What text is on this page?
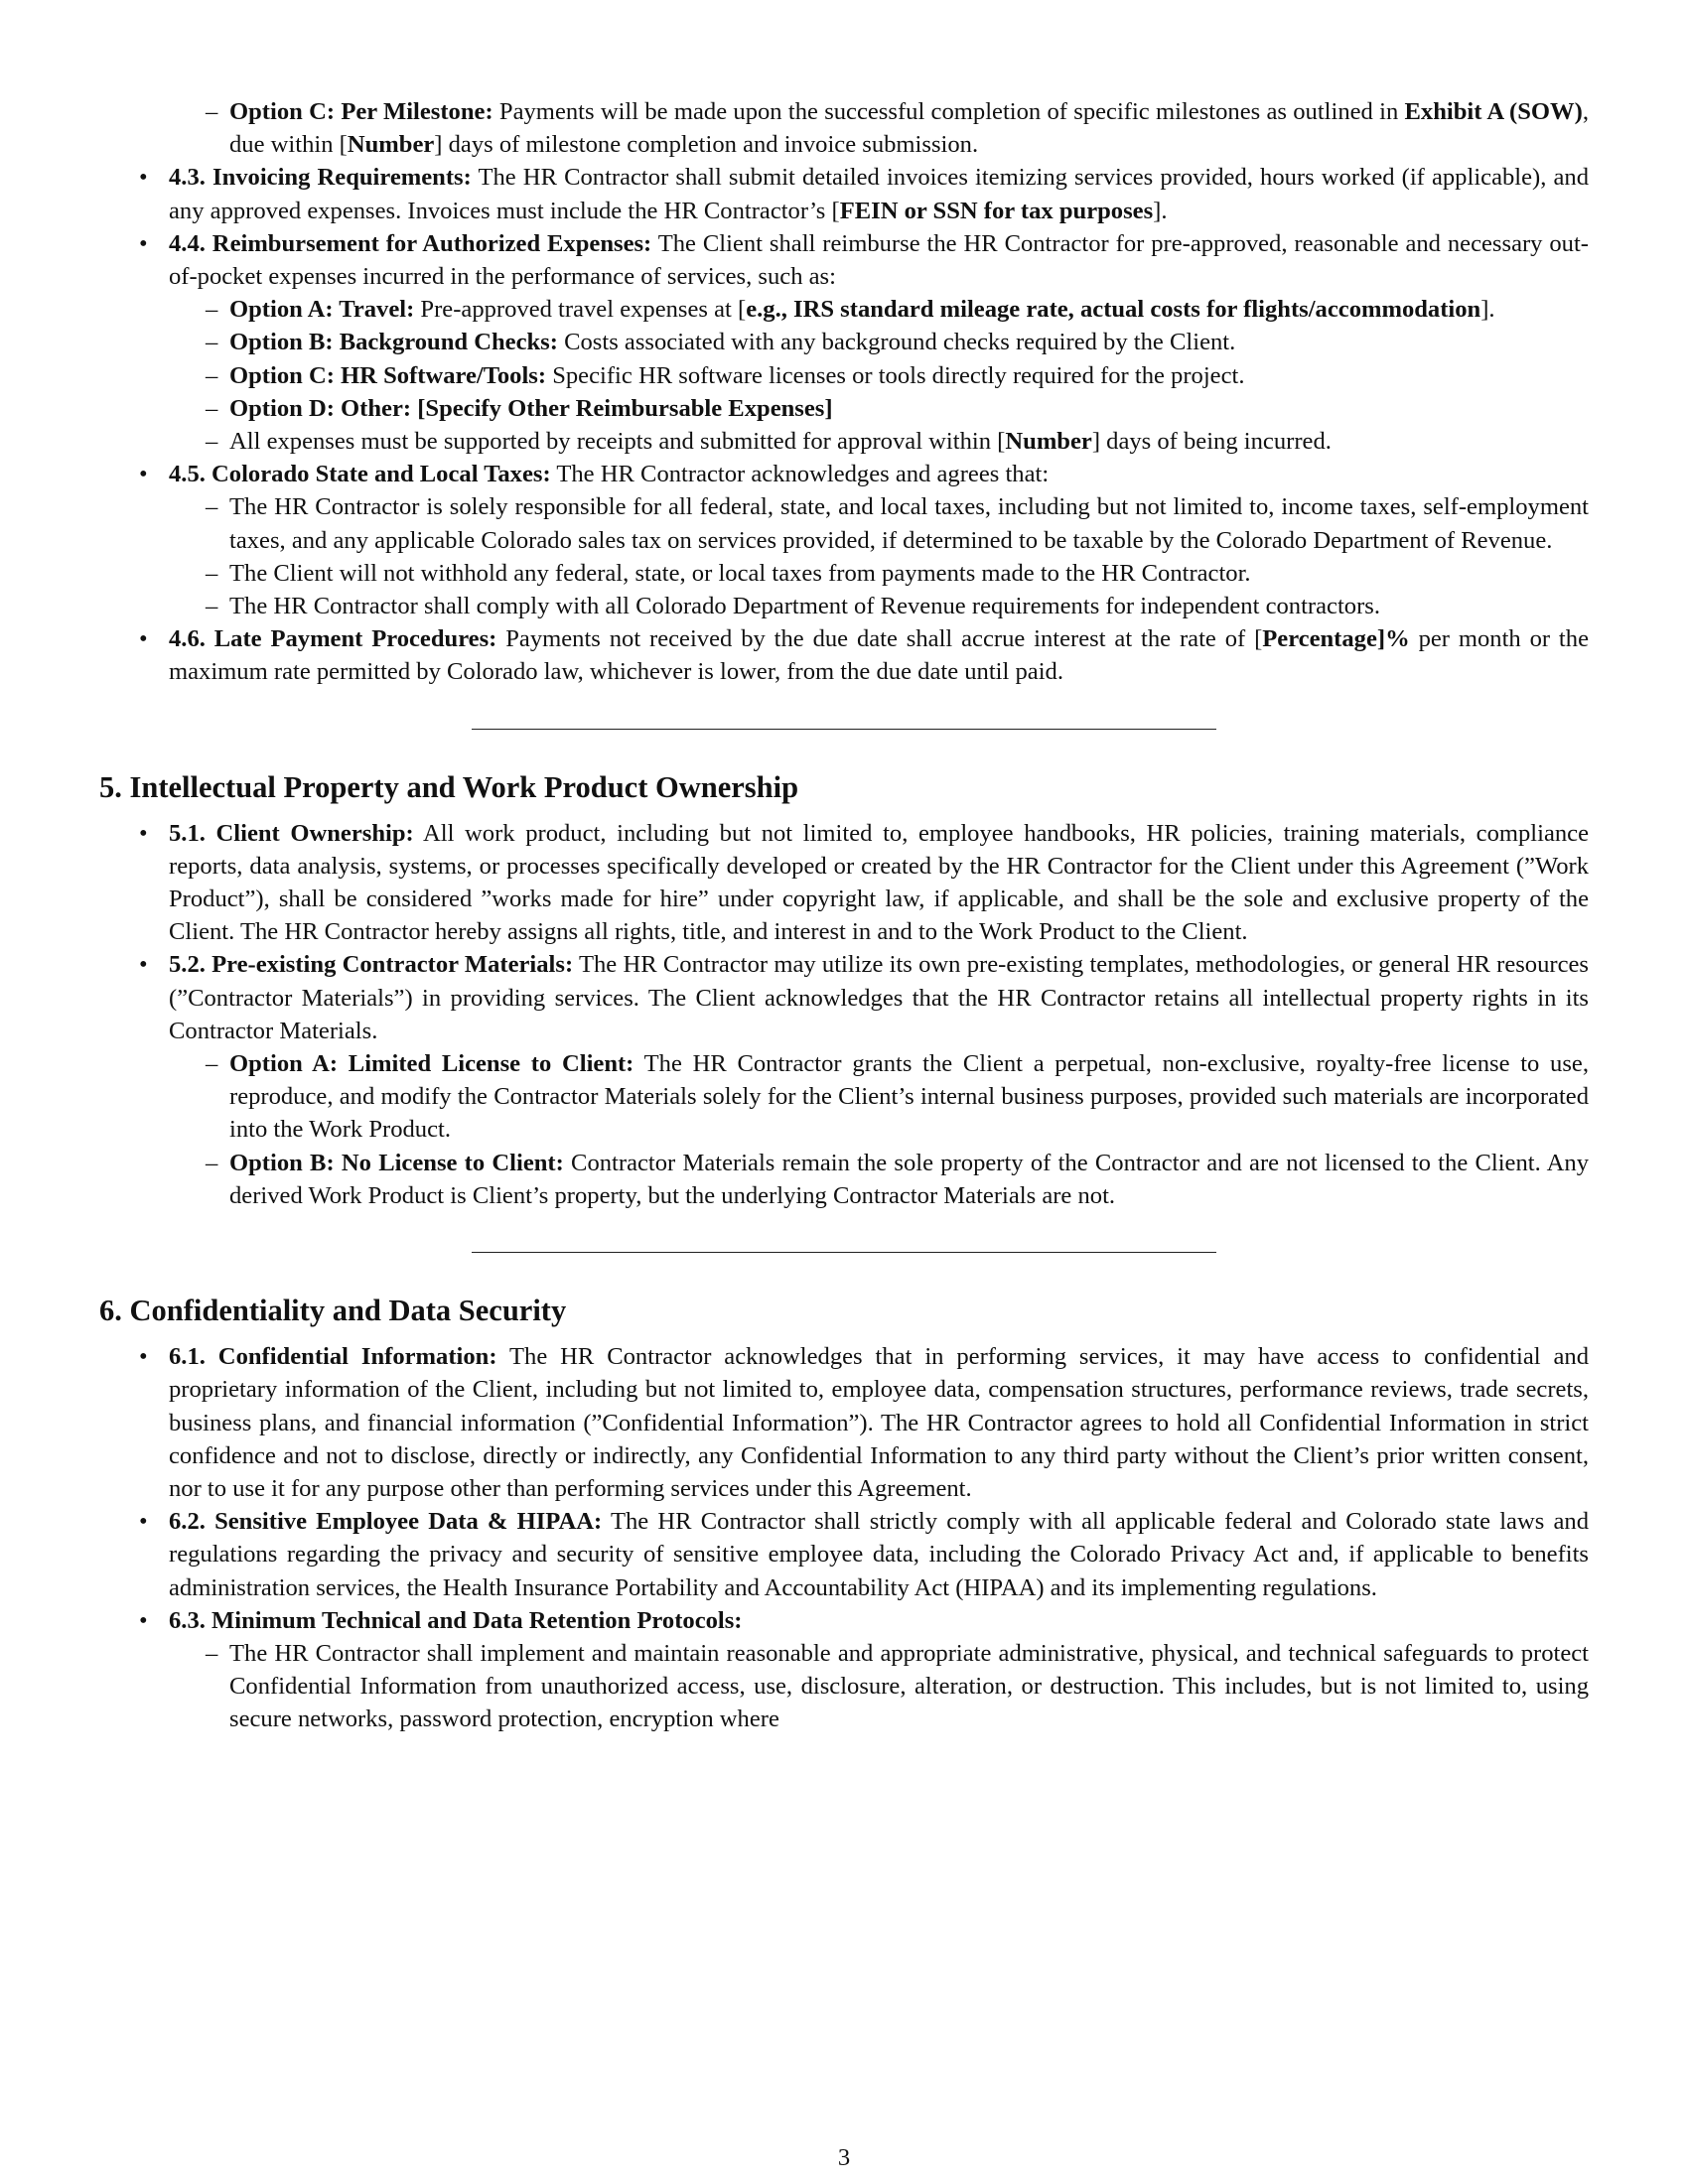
– Option C: Per Milestone: Payments will be made upon the successful completion of specific milestones as outlined in Exhibit A (SOW), due within [Number] days of milestone completion and invoice submission.
• 4.3. Invoicing Requirements: The HR Contractor shall submit detailed invoices itemizing services provided, hours worked (if applicable), and any approved expenses. Invoices must include the HR Contractor’s [FEIN or SSN for tax purposes].
• 4.4. Reimbursement for Authorized Expenses: The Client shall reimburse the HR Contractor for pre-approved, reasonable and necessary out-of-pocket expenses incurred in the performance of services, such as:
– Option A: Travel: Pre-approved travel expenses at [e.g., IRS standard mileage rate, actual costs for flights/accommodation].
– Option B: Background Checks: Costs associated with any background checks required by the Client.
– Option C: HR Software/Tools: Specific HR software licenses or tools directly required for the project.
– Option D: Other: [Specify Other Reimbursable Expenses]
– All expenses must be supported by receipts and submitted for approval within [Number] days of being incurred.
• 4.5. Colorado State and Local Taxes: The HR Contractor acknowledges and agrees that:
– The HR Contractor is solely responsible for all federal, state, and local taxes, including but not limited to, income taxes, self-employment taxes, and any applicable Colorado sales tax on services provided, if determined to be taxable by the Colorado Department of Revenue.
– The Client will not withhold any federal, state, or local taxes from payments made to the HR Contractor.
– The HR Contractor shall comply with all Colorado Department of Revenue requirements for independent contractors.
• 4.6. Late Payment Procedures: Payments not received by the due date shall accrue interest at the rate of [Percentage]% per month or the maximum rate permitted by Colorado law, whichever is lower, from the due date until paid.
5. Intellectual Property and Work Product Ownership
• 5.1. Client Ownership: All work product, including but not limited to, employee handbooks, HR policies, training materials, compliance reports, data analysis, systems, or processes specifically developed or created by the HR Contractor for the Client under this Agreement (”Work Product”), shall be considered ”works made for hire” under copyright law, if applicable, and shall be the sole and exclusive property of the Client. The HR Contractor hereby assigns all rights, title, and interest in and to the Work Product to the Client.
• 5.2. Pre-existing Contractor Materials: The HR Contractor may utilize its own pre-existing templates, methodologies, or general HR resources (”Contractor Materials”) in providing services. The Client acknowledges that the HR Contractor retains all intellectual property rights in its Contractor Materials.
– Option A: Limited License to Client: The HR Contractor grants the Client a perpetual, non-exclusive, royalty-free license to use, reproduce, and modify the Contractor Materials solely for the Client’s internal business purposes, provided such materials are incorporated into the Work Product.
– Option B: No License to Client: Contractor Materials remain the sole property of the Contractor and are not licensed to the Client. Any derived Work Product is Client’s property, but the underlying Contractor Materials are not.
6. Confidentiality and Data Security
• 6.1. Confidential Information: The HR Contractor acknowledges that in performing services, it may have access to confidential and proprietary information of the Client, including but not limited to, employee data, compensation structures, performance reviews, trade secrets, business plans, and financial information (”Confidential Information”). The HR Contractor agrees to hold all Confidential Information in strict confidence and not to disclose, directly or indirectly, any Confidential Information to any third party without the Client’s prior written consent, nor to use it for any purpose other than performing services under this Agreement.
• 6.2. Sensitive Employee Data & HIPAA: The HR Contractor shall strictly comply with all applicable federal and Colorado state laws and regulations regarding the privacy and security of sensitive employee data, including the Colorado Privacy Act and, if applicable to benefits administration services, the Health Insurance Portability and Accountability Act (HIPAA) and its implementing regulations.
• 6.3. Minimum Technical and Data Retention Protocols:
– The HR Contractor shall implement and maintain reasonable and appropriate administrative, physical, and technical safeguards to protect Confidential Information from unauthorized access, use, disclosure, alteration, or destruction. This includes, but is not limited to, using secure networks, password protection, encryption where
3
